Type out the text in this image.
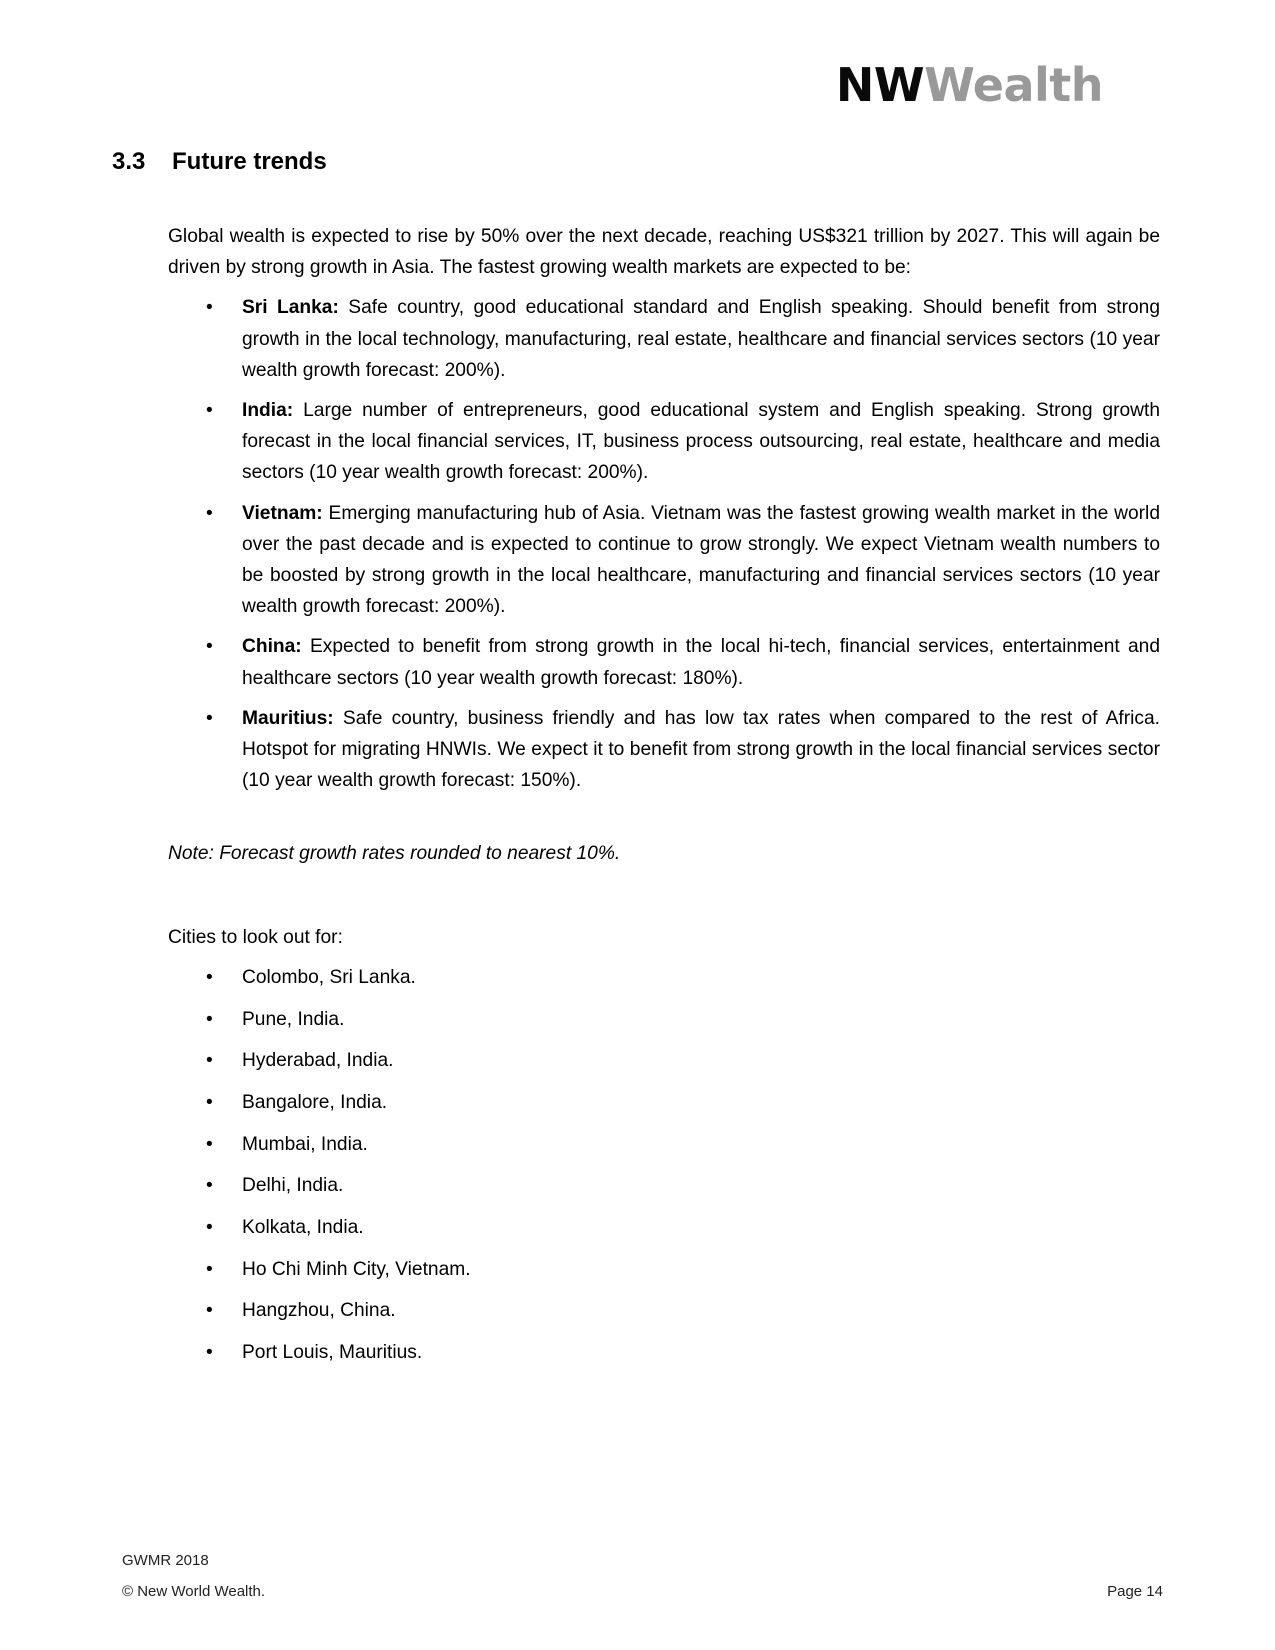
NWWealth
3.3 Future trends

Global wealth is expected to rise by 50% over the next decade, reaching US$321 trillion by 2027. This will again be driven by strong growth in Asia. The fastest growing wealth markets are expected to be:

• Sri Lanka: Safe country, good educational standard and English speaking. Should benefit from strong growth in the local technology, manufacturing, real estate, healthcare and financial services sectors (10 year wealth growth forecast: 200%).
• India: Large number of entrepreneurs, good educational system and English speaking. Strong growth forecast in the local financial services, IT, business process outsourcing, real estate, healthcare and media sectors (10 year wealth growth forecast: 200%).
• Vietnam: Emerging manufacturing hub of Asia. Vietnam was the fastest growing wealth market in the world over the past decade and is expected to continue to grow strongly. We expect Vietnam wealth numbers to be boosted by strong growth in the local healthcare, manufacturing and financial services sectors (10 year wealth growth forecast: 200%).
• China: Expected to benefit from strong growth in the local hi-tech, financial services, entertainment and healthcare sectors (10 year wealth growth forecast: 180%).
• Mauritius: Safe country, business friendly and has low tax rates when compared to the rest of Africa. Hotspot for migrating HNWIs. We expect it to benefit from strong growth in the local financial services sector (10 year wealth growth forecast: 150%).

Note: Forecast growth rates rounded to nearest 10%.

Cities to look out for:

• Colombo, Sri Lanka.
• Pune, India.
• Hyderabad, India.
• Bangalore, India.
• Mumbai, India.
• Delhi, India.
• Kolkata, India.
• Ho Chi Minh City, Vietnam.
• Hangzhou, China.
• Port Louis, Mauritius.
GWMR 2018
© New World Wealth.	Page 14
